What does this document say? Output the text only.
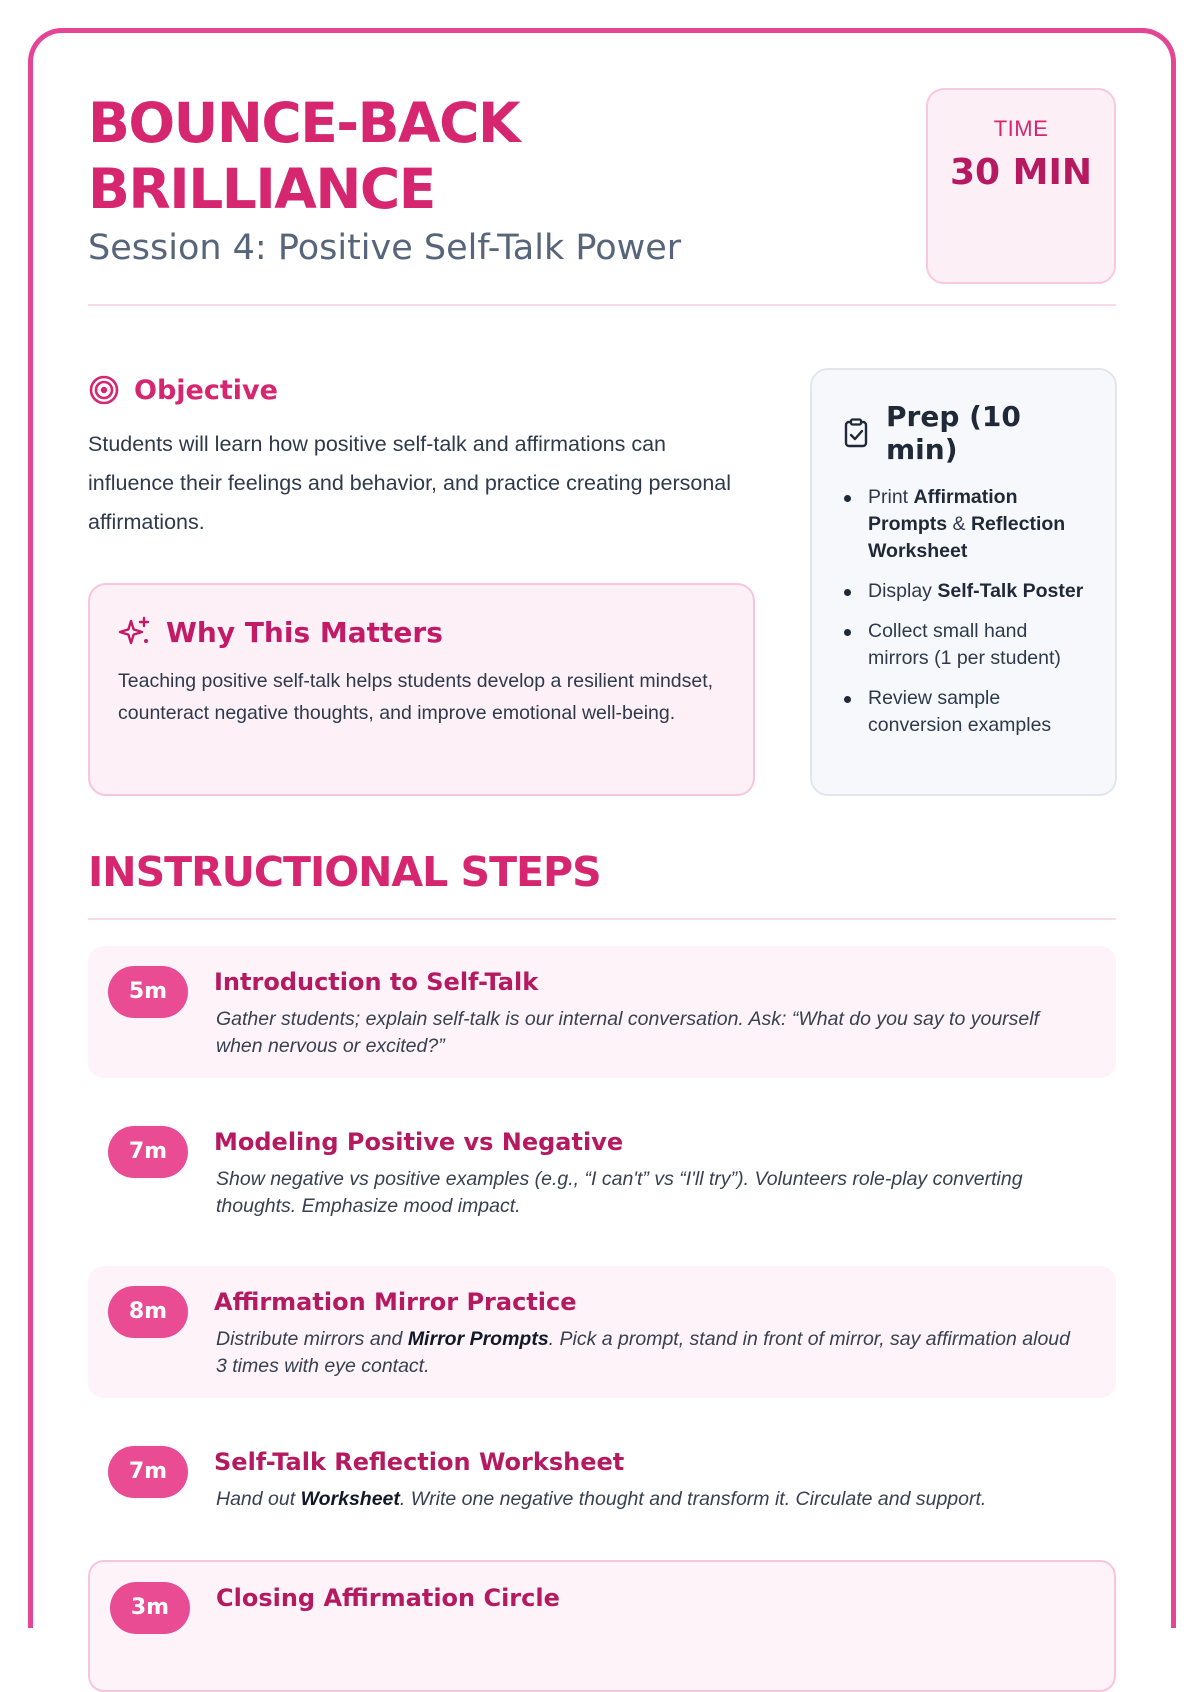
BOUNCE-BACK BRILLIANCE
Session 4: Positive Self-Talk Power
TIME
30 MIN
Objective

Students will learn how positive self-talk and affirmations can influence their feelings and behavior, and practice creating personal affirmations.

Why This Matters

Teaching positive self-talk helps students develop a resilient mindset, counteract negative thoughts, and improve emotional well-being.

Prep (10 min)
Print Affirmation Prompts & Reflection Worksheet
Display Self-Talk Poster
Collect small hand mirrors (1 per student)
Review sample conversion examples
INSTRUCTIONAL STEPS
5m	Introduction to Self-Talk

Gather students; explain self-talk is our internal conversation. Ask: “What do you say to yourself when nervous or excited?”

7m	Modeling Positive vs Negative

Show negative vs positive examples (e.g., “I can't” vs “I'll try”). Volunteers role-play converting thoughts. Emphasize mood impact.

8m	Affirmation Mirror Practice

Distribute mirrors and Mirror Prompts. Pick a prompt, stand in front of mirror, say affirmation aloud 3 times with eye contact.

7m	Self-Talk Reflection Worksheet

Hand out Worksheet. Write one negative thought and transform it. Circulate and support.

3m	Closing Affirmation Circle
